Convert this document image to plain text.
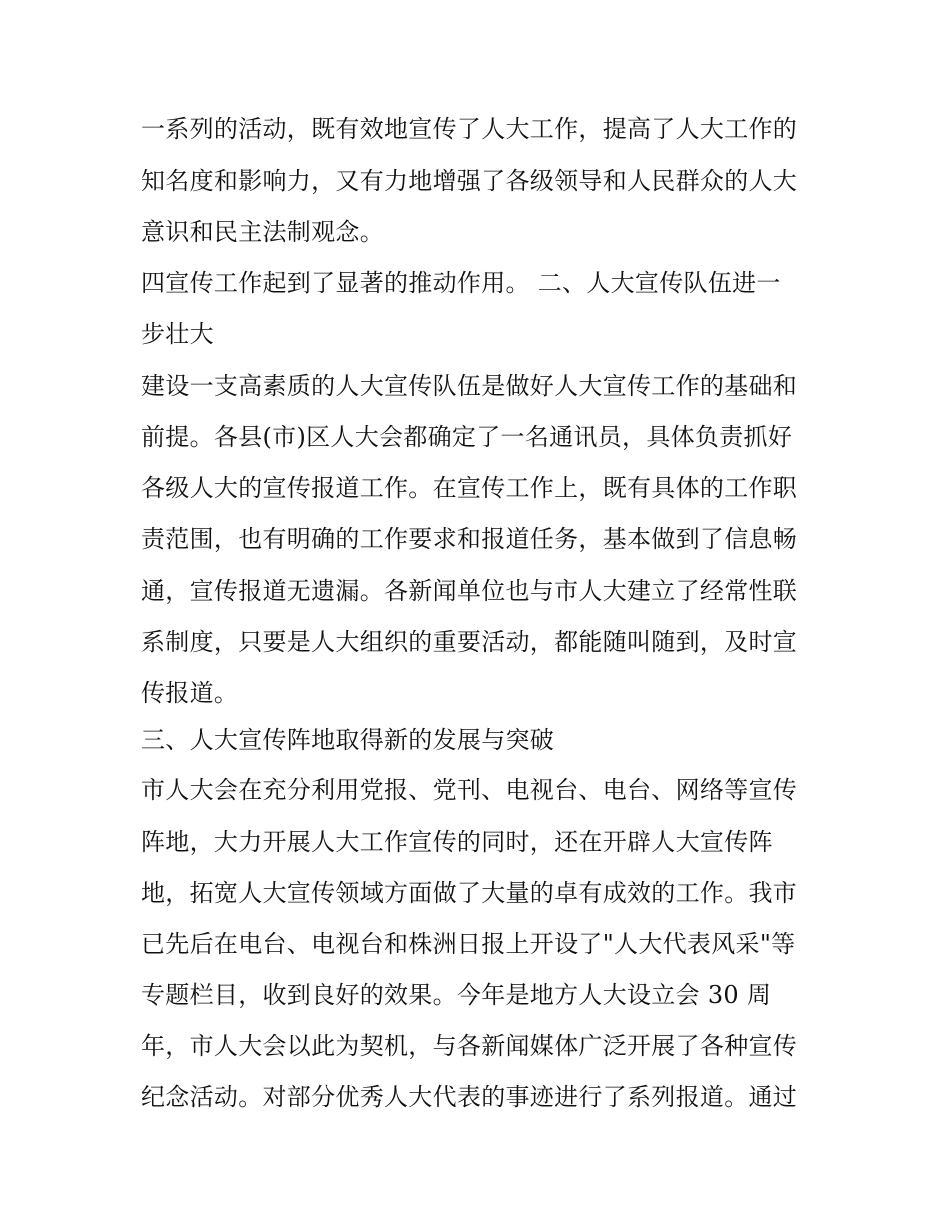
一系列的活动，既有效地宣传了人大工作，提高了人大工作的
知名度和影响力，又有力地增强了各级领导和人民群众的人大
意识和民主法制观念。
四宣传工作起到了显著的推动作用。 二、人大宣传队伍进一
步壮大
建设一支高素质的人大宣传队伍是做好人大宣传工作的基础和
前提。各县(市)区人大会都确定了一名通讯员，具体负责抓好
各级人大的宣传报道工作。在宣传工作上，既有具体的工作职
责范围，也有明确的工作要求和报道任务，基本做到了信息畅
通，宣传报道无遗漏。各新闻单位也与市人大建立了经常性联
系制度，只要是人大组织的重要活动，都能随叫随到，及时宣
传报道。
三、人大宣传阵地取得新的发展与突破
市人大会在充分利用党报、党刊、电视台、电台、网络等宣传
阵地，大力开展人大工作宣传的同时，还在开辟人大宣传阵
地，拓宽人大宣传领域方面做了大量的卓有成效的工作。我市
已先后在电台、电视台和株洲日报上开设了"人大代表风采"等
专题栏目，收到良好的效果。今年是地方人大设立会 30 周
年，市人大会以此为契机，与各新闻媒体广泛开展了各种宣传
纪念活动。对部分优秀人大代表的事迹进行了系列报道。通过
